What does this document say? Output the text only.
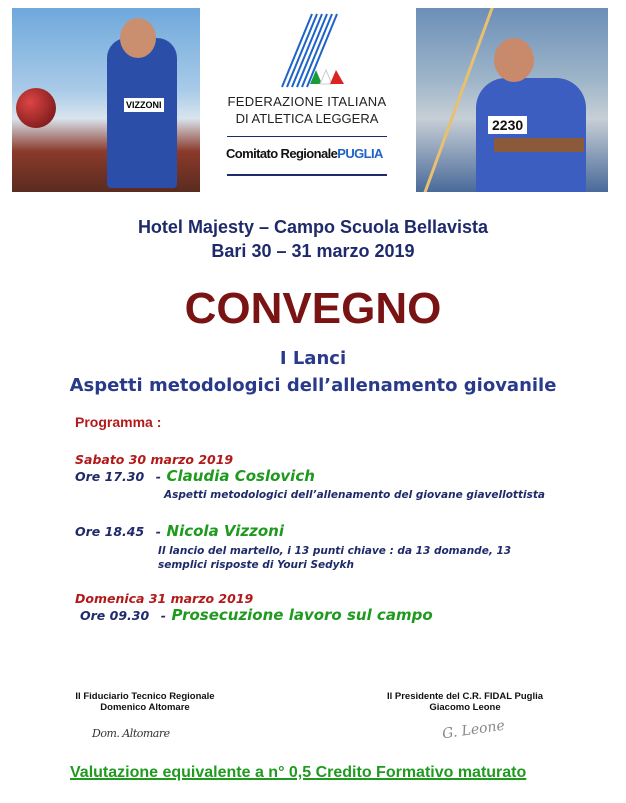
VIZZONI	FEDERAZIONE ITALIANA
DI ATLETICA LEGGERA
Comitato RegionalePUGLIA
2230
Hotel Majesty – Campo Scuola Bellavista
Bari 30 – 31 marzo 2019
CONVEGNO
I Lanci
Aspetti metodologici dell’allenamento giovanile
Programma :
Sabato 30 marzo 2019
Ore 17.30 - Claudia Coslovich
Aspetti metodologici dell’allenamento del giovane giavellottista
Ore 18.45 - Nicola Vizzoni
Il lancio del martello, i 13 punti chiave : da 13 domande, 13
semplici risposte di Youri Sedykh
Domenica 31 marzo 2019
Ore 09.30 - Prosecuzione lavoro sul campo
Il Fiduciario Tecnico Regionale
Domenico Altomare
Dom. Altomare
Il Presidente del C.R. FIDAL Puglia
Giacomo Leone
G. Leone
Valutazione equivalente a n° 0,5 Credito Formativo maturato
